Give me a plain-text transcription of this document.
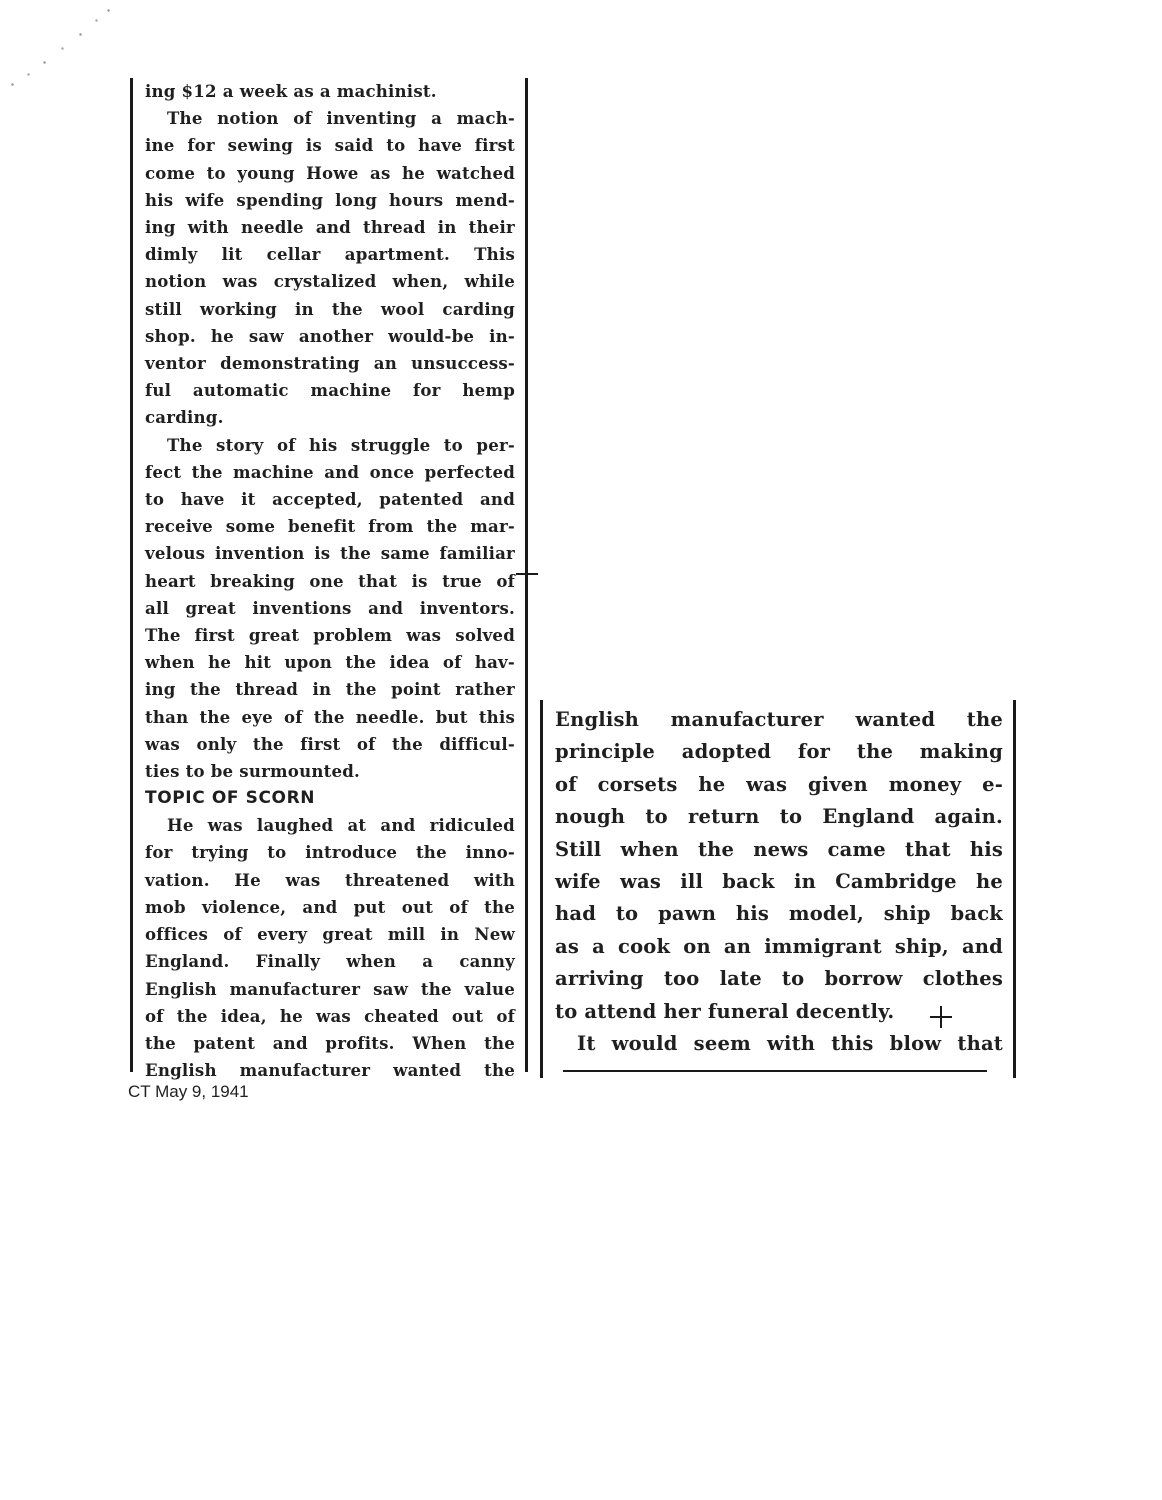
ing $12 a week as a machinist.
The notion of inventing a mach-
ine for sewing is said to have first
come to young Howe as he watched
his wife spending long hours mend-
ing with needle and thread in their
dimly lit cellar apartment. This
notion was crystalized when, while
still working in the wool carding
shop. he saw another would-be in-
ventor demonstrating an unsuccess-
ful automatic machine for hemp
carding.
The story of his struggle to per-
fect the machine and once perfected
to have it accepted, patented and
receive some benefit from the mar-
velous invention is the same familiar
heart breaking one that is true of
all great inventions and inventors.
The first great problem was solved
when he hit upon the idea of hav-
ing the thread in the point rather
than the eye of the needle. but this
was only the first of the difficul-
ties to be surmounted.
TOPIC OF SCORN
He was laughed at and ridiculed
for trying to introduce the inno-
vation. He was threatened with
mob violence, and put out of the
offices of every great mill in New
England. Finally when a canny
English manufacturer saw the value
of the idea, he was cheated out of
the patent and profits. When the
English manufacturer wanted the
English manufacturer wanted the
principle adopted for the making
of corsets he was given money e-
nough to return to England again.
Still when the news came that his
wife was ill back in Cambridge he
had to pawn his model, ship back
as a cook on an immigrant ship, and
arriving too late to borrow clothes
to attend her funeral decently.
It would seem with this blow that
CT May 9, 1941
